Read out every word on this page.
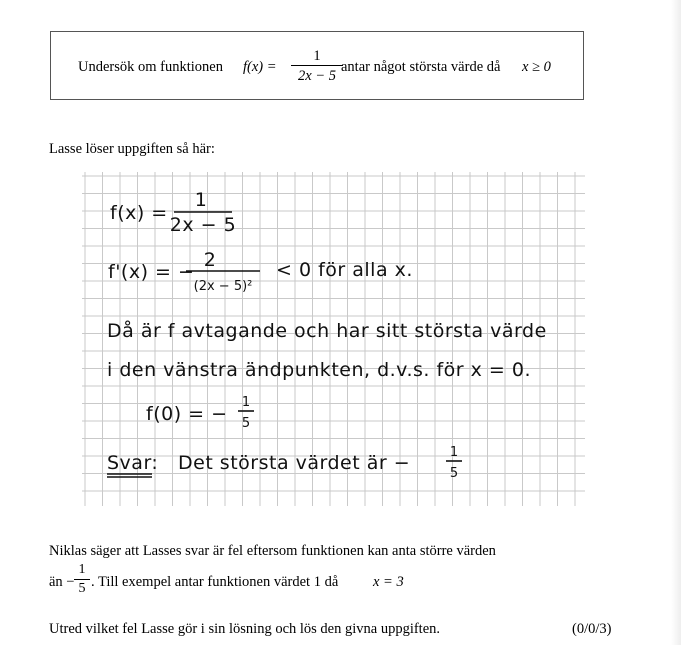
Undersök om funktionen f(x) =
1
2x − 5
antar något största värde då x ≥ 0
Lasse löser uppgiften så här:
f(x) =
1
2x − 5
f'(x) = −
2
(2x − 5)²
< 0 för alla x.
Då är f avtagande och har sitt största värde
i den vänstra ändpunkten, d.v.s. för x = 0.
f(0) = −
1
5
Svar: Det största värdet är −	1
5
Niklas säger att Lasses svar är fel eftersom funktionen kan anta större värden
än −
1
5 . Till exempel antar funktionen värdet 1 då x = 3
Utred vilket fel Lasse gör i sin lösning och lös den givna uppgiften.	(0/0/3)
